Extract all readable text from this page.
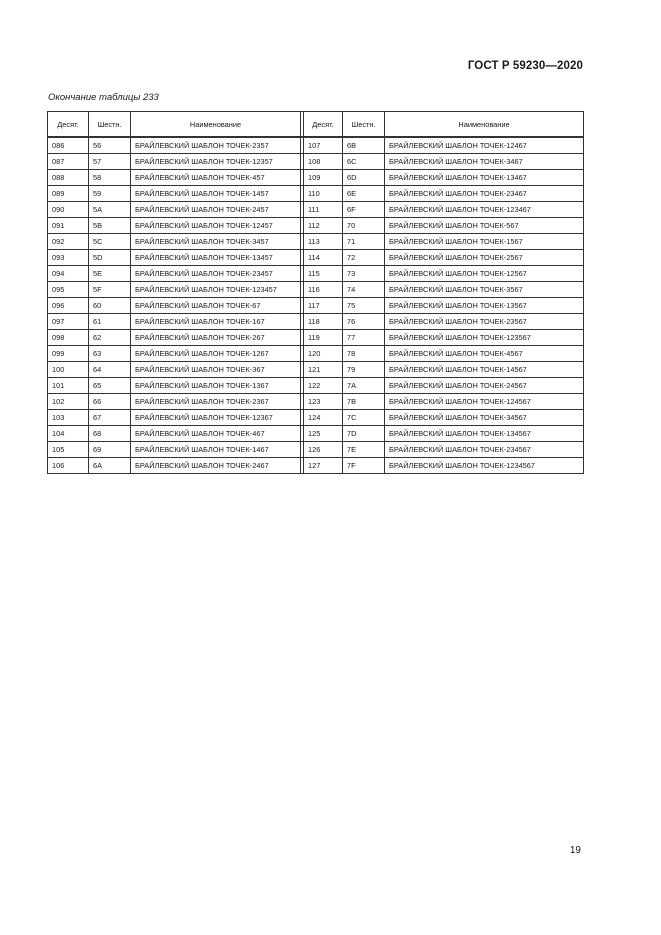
ГОСТ Р 59230—2020
Окончание таблицы 233
Десят.	Шестн.	Наименование		Десят.	Шестн.	Наименование
086	56	БРАЙЛЕВСКИЙ ШАБЛОН ТОЧЕК-2357		107	6B	БРАЙЛЕВСКИЙ ШАБЛОН ТОЧЕК-12467
087	57	БРАЙЛЕВСКИЙ ШАБЛОН ТОЧЕК-12357		108	6C	БРАЙЛЕВСКИЙ ШАБЛОН ТОЧЕК-3467
088	58	БРАЙЛЕВСКИЙ ШАБЛОН ТОЧЕК-457		109	6D	БРАЙЛЕВСКИЙ ШАБЛОН ТОЧЕК-13467
089	59	БРАЙЛЕВСКИЙ ШАБЛОН ТОЧЕК-1457		110	6E	БРАЙЛЕВСКИЙ ШАБЛОН ТОЧЕК-23467
090	5A	БРАЙЛЕВСКИЙ ШАБЛОН ТОЧЕК-2457		111	6F	БРАЙЛЕВСКИЙ ШАБЛОН ТОЧЕК-123467
091	5B	БРАЙЛЕВСКИЙ ШАБЛОН ТОЧЕК-12457		112	70	БРАЙЛЕВСКИЙ ШАБЛОН ТОЧЕК-567
092	5C	БРАЙЛЕВСКИЙ ШАБЛОН ТОЧЕК-3457		113	71	БРАЙЛЕВСКИЙ ШАБЛОН ТОЧЕК-1567
093	5D	БРАЙЛЕВСКИЙ ШАБЛОН ТОЧЕК-13457		114	72	БРАЙЛЕВСКИЙ ШАБЛОН ТОЧЕК-2567
094	5E	БРАЙЛЕВСКИЙ ШАБЛОН ТОЧЕК-23457		115	73	БРАЙЛЕВСКИЙ ШАБЛОН ТОЧЕК-12567
095	5F	БРАЙЛЕВСКИЙ ШАБЛОН ТОЧЕК-123457		116	74	БРАЙЛЕВСКИЙ ШАБЛОН ТОЧЕК-3567
096	60	БРАЙЛЕВСКИЙ ШАБЛОН ТОЧЕК-67		117	75	БРАЙЛЕВСКИЙ ШАБЛОН ТОЧЕК-13567
097	61	БРАЙЛЕВСКИЙ ШАБЛОН ТОЧЕК-167		118	76	БРАЙЛЕВСКИЙ ШАБЛОН ТОЧЕК-23567
098	62	БРАЙЛЕВСКИЙ ШАБЛОН ТОЧЕК-267		119	77	БРАЙЛЕВСКИЙ ШАБЛОН ТОЧЕК-123567
099	63	БРАЙЛЕВСКИЙ ШАБЛОН ТОЧЕК-1267		120	78	БРАЙЛЕВСКИЙ ШАБЛОН ТОЧЕК-4567
100	64	БРАЙЛЕВСКИЙ ШАБЛОН ТОЧЕК-367		121	79	БРАЙЛЕВСКИЙ ШАБЛОН ТОЧЕК-14567
101	65	БРАЙЛЕВСКИЙ ШАБЛОН ТОЧЕК-1367		122	7A	БРАЙЛЕВСКИЙ ШАБЛОН ТОЧЕК-24567
102	66	БРАЙЛЕВСКИЙ ШАБЛОН ТОЧЕК-2367		123	7B	БРАЙЛЕВСКИЙ ШАБЛОН ТОЧЕК-124567
103	67	БРАЙЛЕВСКИЙ ШАБЛОН ТОЧЕК-12367		124	7C	БРАЙЛЕВСКИЙ ШАБЛОН ТОЧЕК-34567
104	68	БРАЙЛЕВСКИЙ ШАБЛОН ТОЧЕК-467		125	7D	БРАЙЛЕВСКИЙ ШАБЛОН ТОЧЕК-134567
105	69	БРАЙЛЕВСКИЙ ШАБЛОН ТОЧЕК-1467		126	7E	БРАЙЛЕВСКИЙ ШАБЛОН ТОЧЕК-234567
106	6A	БРАЙЛЕВСКИЙ ШАБЛОН ТОЧЕК-2467		127	7F	БРАЙЛЕВСКИЙ ШАБЛОН ТОЧЕК-1234567
19
